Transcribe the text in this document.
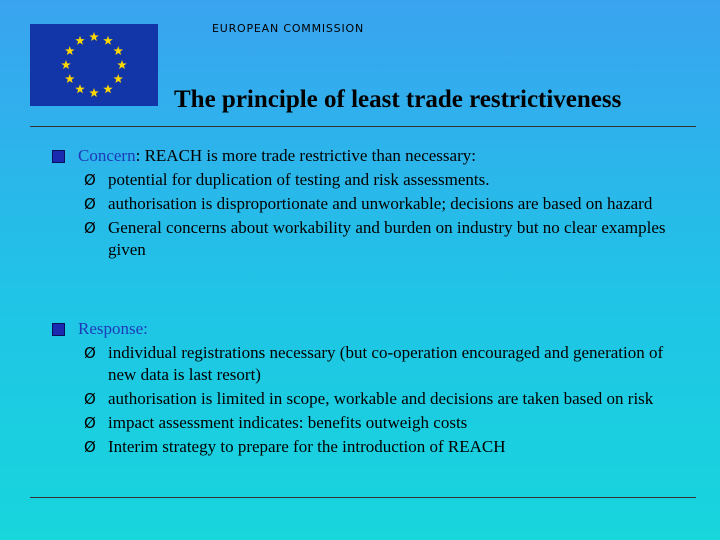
EUROPEAN COMMISSION
The principle of least trade restrictiveness
Concern: REACH is more trade restrictive than necessary:
Ø potential for duplication of testing and risk assessments.
Ø authorisation is disproportionate and unworkable; decisions are based on hazard
Ø General concerns about workability and burden on industry but no clear examples given
Response:
Ø individual registrations necessary (but co-operation encouraged and generation of new data is last resort)
Ø authorisation is limited in scope, workable and decisions are taken based on risk
Ø impact assessment indicates: benefits outweigh costs
Ø Interim strategy to prepare for the introduction of REACH
